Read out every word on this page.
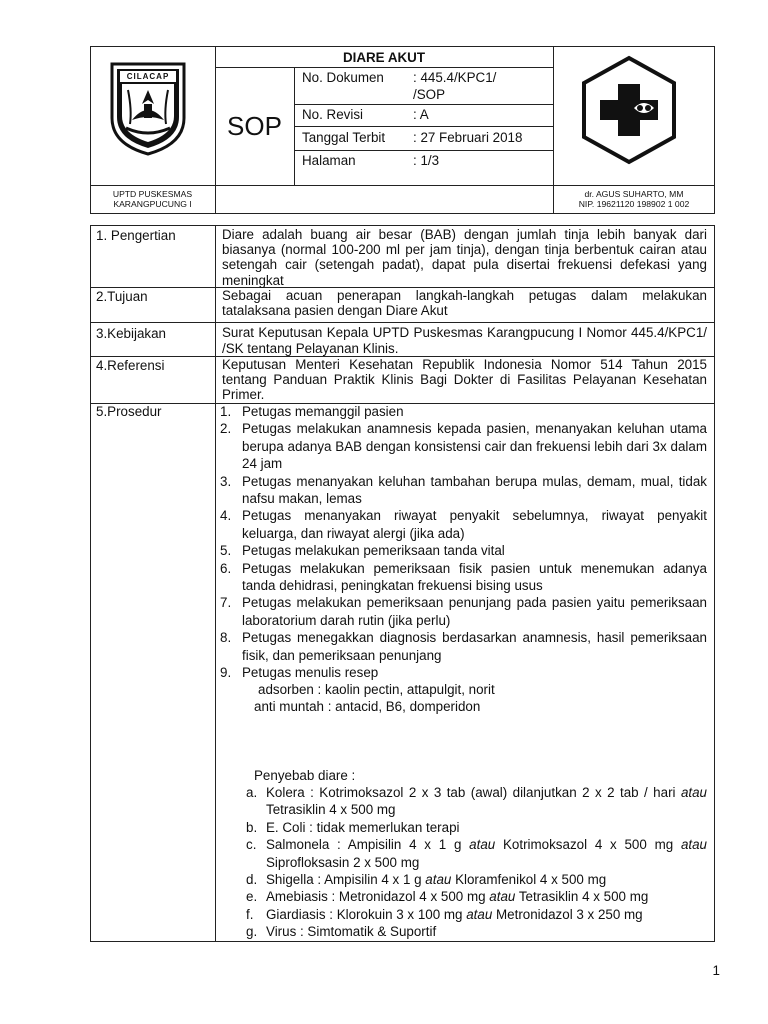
CILACAP
DIARE AKUT
SOP
No. Dokumen : 445.4/KPC1/
/SOP
No. Revisi	: A
Tanggal Terbit : 27 Februari 2018
Halaman	: 1/3
UPTD PUSKESMAS
KARANGPUCUNG I
dr. AGUS SUHARTO, MM
NIP. 19621120 198902 1 002
1. Pengertian	Diare adalah buang air besar (BAB) dengan jumlah tinja lebih banyak dari biasanya (normal 100-200 ml per jam tinja), dengan tinja berbentuk cairan atau setengah cair (setengah padat), dapat pula disertai frekuensi defekasi yang meningkat
2.Tujuan	Sebagai acuan penerapan langkah-langkah petugas dalam melakukan tatalaksana pasien dengan Diare Akut
3.Kebijakan	Surat Keputusan Kepala UPTD Puskesmas Karangpucung I Nomor 445.4/KPC1/        /SK tentang Pelayanan Klinis.
4.Referensi	Keputusan Menteri Kesehatan Republik Indonesia Nomor 514 Tahun 2015 tentang Panduan Praktik Klinis Bagi Dokter di Fasilitas Pelayanan Kesehatan Primer.
5.Prosedur	1. Petugas memanggil pasien
2. Petugas melakukan anamnesis kepada pasien, menanyakan keluhan utama berupa adanya BAB dengan konsistensi cair dan frekuensi lebih dari 3x dalam 24 jam
3. Petugas menanyakan keluhan tambahan berupa mulas, demam, mual, tidak nafsu makan, lemas
4. Petugas menanyakan riwayat penyakit sebelumnya, riwayat penyakit keluarga, dan riwayat alergi (jika ada)
5. Petugas melakukan pemeriksaan tanda vital
6. Petugas melakukan pemeriksaan fisik pasien untuk menemukan adanya tanda dehidrasi, peningkatan frekuensi bising usus
7. Petugas melakukan pemeriksaan penunjang pada pasien yaitu pemeriksaan laboratorium darah rutin (jika perlu)
8. Petugas menegakkan diagnosis berdasarkan anamnesis, hasil pemeriksaan fisik, dan pemeriksaan penunjang
9. Petugas menulis resep
adsorben : kaolin pectin, attapulgit, norit
anti muntah : antacid, B6, domperidon
Penyebab diare :
a. Kolera : Kotrimoksazol 2 x 3 tab (awal) dilanjutkan 2 x 2 tab / hari atau Tetrasiklin 4 x 500 mg
b. E. Coli : tidak memerlukan terapi
c. Salmonela : Ampisilin 4 x 1 g atau Kotrimoksazol 4 x 500 mg atau Siprofloksasin 2 x 500 mg
d. Shigella : Ampisilin 4 x 1 g atau Kloramfenikol 4 x 500 mg
e. Amebiasis : Metronidazol 4 x 500 mg atau Tetrasiklin 4 x 500 mg
f. Giardiasis : Klorokuin 3 x 100 mg atau Metronidazol 3 x 250 mg
g. Virus : Simtomatik & Suportif
1
